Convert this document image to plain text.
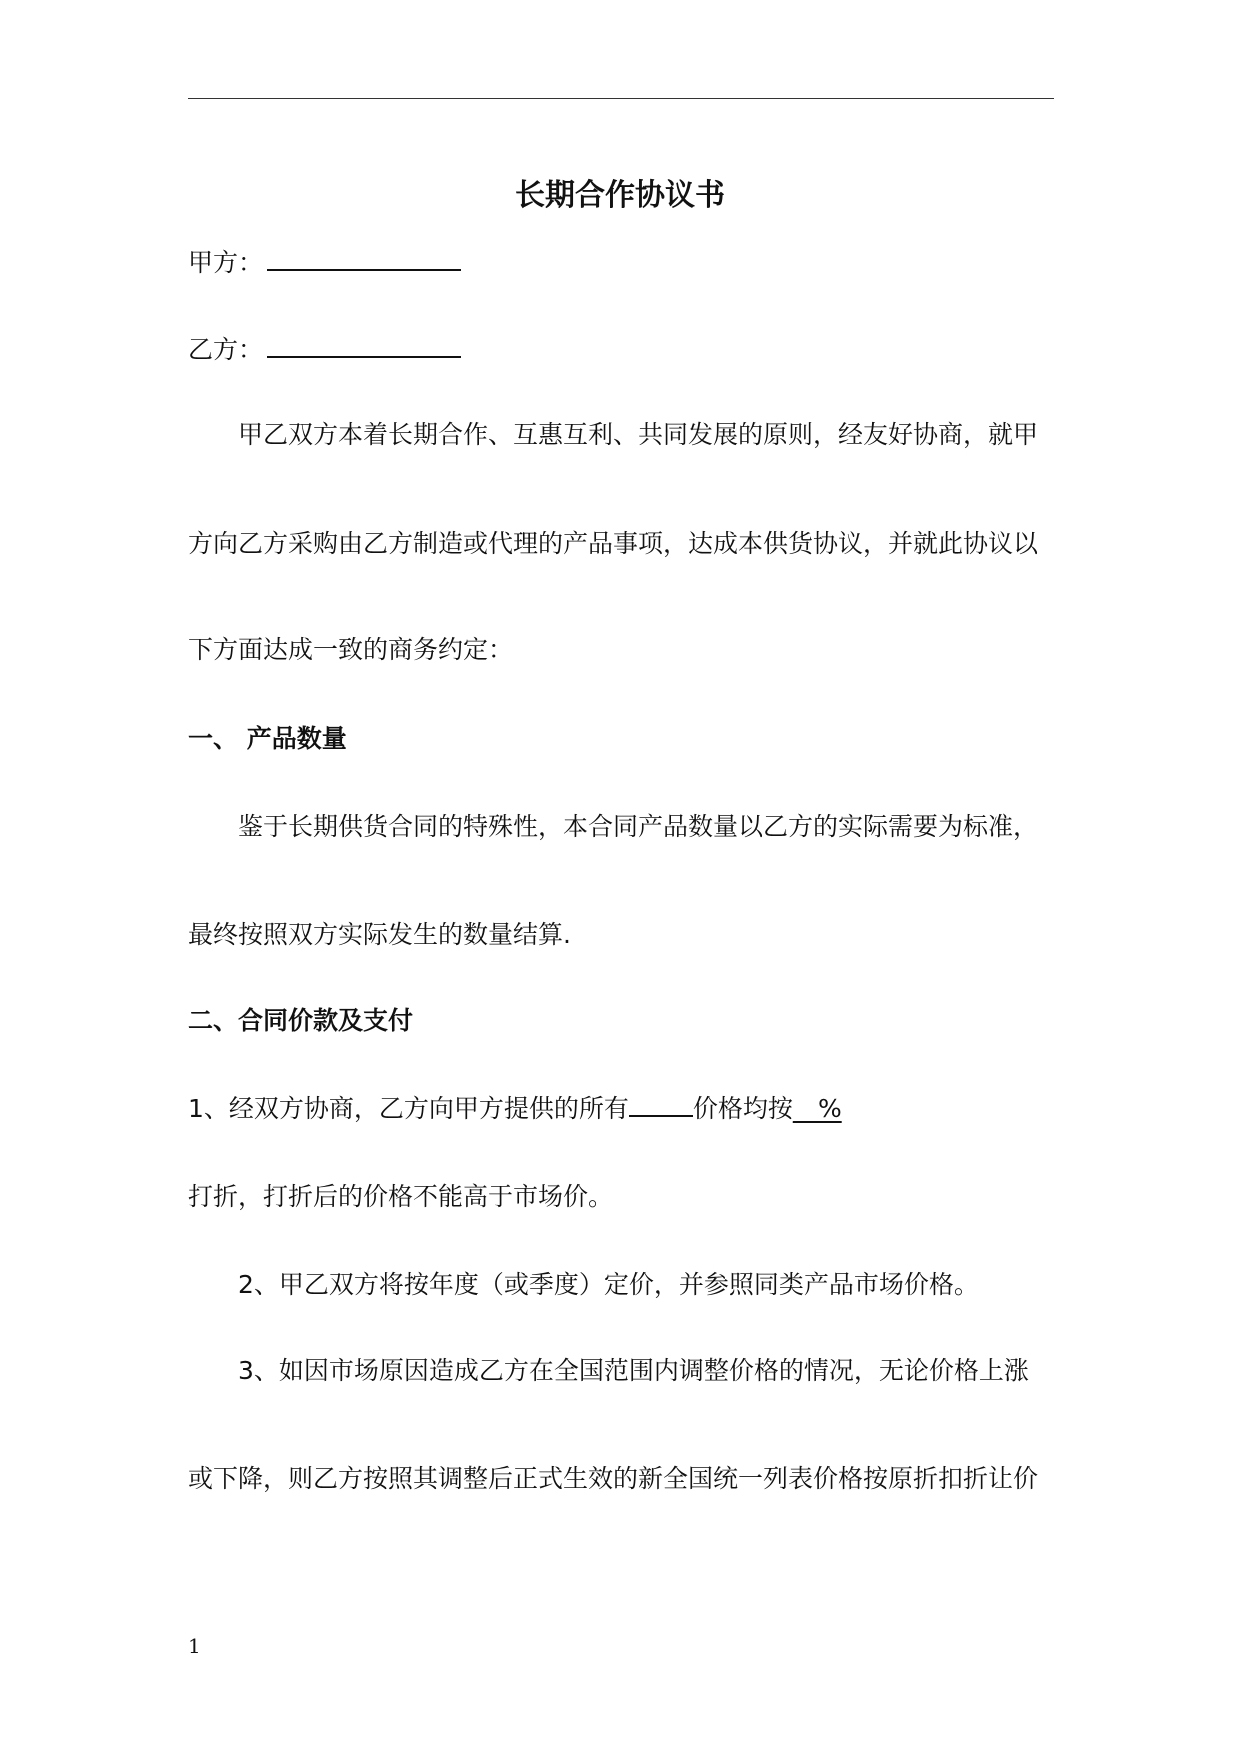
长期合作协议书
甲方：
乙方：
甲乙双方本着长期合作、互惠互利、共同发展的原则，经友好协商，就甲
方向乙方采购由乙方制造或代理的产品事项，达成本供货协议，并就此协议以
下方面达成一致的商务约定：
一、 产品数量
鉴于长期供货合同的特殊性，本合同产品数量以乙方的实际需要为标准，
最终按照双方实际发生的数量结算.
二、合同价款及支付
1、经双方协商，乙方向甲方提供的所有	价格均按__%
打折，打折后的价格不能高于市场价。
2、甲乙双方将按年度（或季度）定价，并参照同类产品市场价格。
3、如因市场原因造成乙方在全国范围内调整价格的情况，无论价格上涨
或下降，则乙方按照其调整后正式生效的新全国统一列表价格按原折扣折让价
1
